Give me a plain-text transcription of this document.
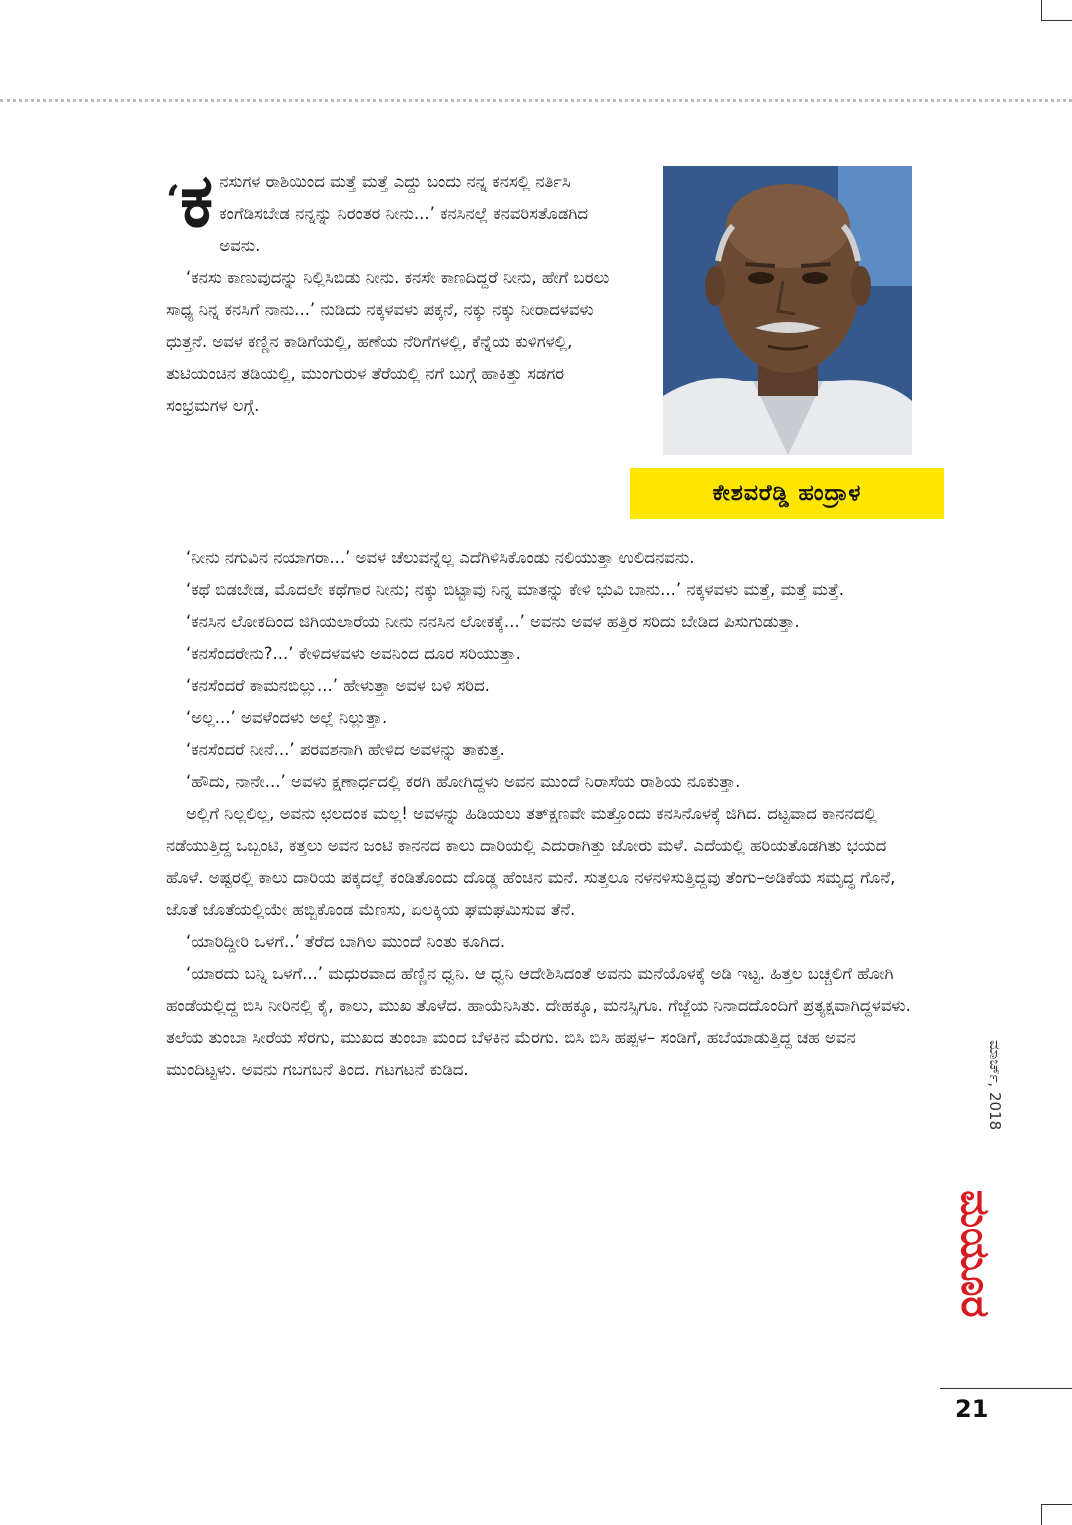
ಕೇಶವರೆಡ್ಡಿ ಹಂದ್ರಾಳ

‘ಕ ನಸುಗಳ ರಾಶಿಯಿಂದ ಮತ್ತೆ ಮತ್ತೆ ಎದ್ದು ಬಂದು ನನ್ನ ಕನಸಲ್ಲಿ ನರ್ತಿಸಿ ಕಂಗೆಡಿಸಬೇಡ ನನ್ನನ್ನು ನಿರಂತರ ನೀನು...’ ಕನಸಿನಲ್ಲೆ ಕನವರಿಸತೊಡಗಿದ ಅವನು.

‘ಕನಸು ಕಾಣುವುದನ್ನು ನಿಲ್ಲಿಸಿಬಿಡು ನೀನು. ಕನಸೇ ಕಾಣದಿದ್ದರೆ ನೀನು, ಹೇಗೆ ಬರಲು ಸಾಧ್ಯ ನಿನ್ನ ಕನಸಿಗೆ ನಾನು...’ ನುಡಿದು ನಕ್ಕಳವಳು ಪಕ್ಕನೆ, ನಕ್ಕು ನಕ್ಕು ನೀರಾದಳವಳು ಧುತ್ತನೆ. ಅವಳ ಕಣ್ಣಿನ ಕಾಡಿಗೆಯಲ್ಲಿ, ಹಣೆಯ ನೆರಿಗೆಗಳಲ್ಲಿ, ಕೆನ್ನೆಯ ಕುಳಿಗಳಲ್ಲಿ, ತುಟಿಯಂಚಿನ ತಡಿಯಲ್ಲಿ, ಮುಂಗುರುಳ ತೆರೆಯಲ್ಲಿ ನಗೆ ಬುಗ್ಗೆ ಹಾಕಿತ್ತು ಸಡಗರ ಸಂಭ್ರಮಗಳ ಲಗ್ಗೆ.

‘ನೀನು ನಗುವಿನ ನಯಾಗರಾ...’ ಅವಳ ಚೆಲುವನ್ನೆಲ್ಲ ಎದೆಗಿಳಿಸಿಕೊಂಡು ನಲಿಯುತ್ತಾ ಉಲಿದನವನು.

‘ಕಥೆ ಬಿಡಬೇಡ, ಮೊದಲೇ ಕಥೆಗಾರ ನೀನು; ನಕ್ಕು ಬಿಟ್ಟಾವು ನಿನ್ನ ಮಾತನ್ನು ಕೇಳಿ ಭುವಿ ಬಾನು...’ ನಕ್ಕಳವಳು ಮತ್ತೆ, ಮತ್ತೆ ಮತ್ತೆ.

‘ಕನಸಿನ ಲೋಕದಿಂದ ಜಿಗಿಯಲಾರೆಯ ನೀನು ನನಸಿನ ಲೋಕಕ್ಕೆ...’ ಅವನು ಅವಳ ಹತ್ತಿರ ಸರಿದು ಬೇಡಿದ ಪಿಸುಗುಡುತ್ತಾ.

‘ಕನಸೆಂದರೇನು?...’ ಕೇಳಿದಳವಳು ಅವನಿಂದ ದೂರ ಸರಿಯುತ್ತಾ.

‘ಕನಸೆಂದರೆ ಕಾಮನಬಿಲ್ಲು...’ ಹೇಳುತ್ತಾ ಅವಳ ಬಳಿ ಸರಿದ.

‘ಅಲ್ಲ...’ ಅವಳೆಂದಳು ಅಲ್ಲೆ ನಿಲ್ಲುತ್ತಾ.

‘ಕನಸೆಂದರೆ ನೀನೆ...’ ಪರವಶನಾಗಿ ಹೇಳಿದ ಅವಳನ್ನು ತಾಕುತ್ತ.

‘ಹೌದು, ನಾನೇ...’ ಅವಳು ಕ್ಷಣಾರ್ಧದಲ್ಲಿ ಕರಗಿ ಹೋಗಿದ್ದಳು ಅವನ ಮುಂದೆ ನಿರಾಸೆಯ ರಾಶಿಯ ನೂಕುತ್ತಾ.

ಅಲ್ಲಿಗೆ ನಿಲ್ಲಲಿಲ್ಲ, ಅವನು ಛಲದಂಕ ಮಲ್ಲ! ಅವಳನ್ನು ಹಿಡಿಯಲು ತತ್‌ಕ್ಷಣವೇ ಮತ್ತೊಂದು ಕನಸಿನೊಳಕ್ಕೆ ಜಿಗಿದ. ದಟ್ಟವಾದ ಕಾನನದಲ್ಲಿ ನಡೆಯುತ್ತಿದ್ದ ಒಬ್ಬಂಟಿ, ಕತ್ತಲು ಅವನ ಜಂಟಿ ಕಾನನದ ಕಾಲು ದಾರಿಯಲ್ಲಿ ಎದುರಾಗಿತ್ತು ಜೋರು ಮಳೆ. ಎದೆಯಲ್ಲಿ ಹರಿಯತೊಡಗಿತು ಭಯದ ಹೊಳೆ. ಅಷ್ಟರಲ್ಲಿ ಕಾಲು ದಾರಿಯ ಪಕ್ಕದಲ್ಲೆ ಕಂಡಿತೊಂದು ದೊಡ್ಡ ಹೆಂಚಿನ ಮನೆ. ಸುತ್ತಲೂ ನಳನಳಿಸುತ್ತಿದ್ದವು ತೆಂಗು–ಅಡಿಕೆಯ ಸಮೃದ್ಧ ಗೊನೆ, ಜೊತೆ ಜೊತೆಯಲ್ಲಿಯೇ ಹಬ್ಬಿಕೊಂಡ ಮೆಣಸು, ಏಲಕ್ಕಿಯ ಘಮಘಮಿಸುವ ತೆನೆ.

‘ಯಾರಿದ್ದೀರಿ ಒಳಗೆ..’ ತೆರೆದ ಬಾಗಿಲ ಮುಂದೆ ನಿಂತು ಕೂಗಿದ.

‘ಯಾರದು ಬನ್ನಿ ಒಳಗೆ...’ ಮಧುರವಾದ ಹೆಣ್ಣಿನ ಧ್ವನಿ. ಆ ಧ್ವನಿ ಆದೇಶಿಸಿದಂತೆ ಅವನು ಮನೆಯೊಳಕ್ಕೆ ಅಡಿ ಇಟ್ಟ. ಹಿತ್ತಲ ಬಚ್ಚಲಿಗೆ ಹೋಗಿ ಹಂಡೆಯಲ್ಲಿದ್ದ ಬಿಸಿ ನೀರಿನಲ್ಲಿ ಕೈ, ಕಾಲು, ಮುಖ ತೊಳೆದ. ಹಾಯೆನಿಸಿತು. ದೇಹಕ್ಕೂ, ಮನಸ್ಸಿಗೂ. ಗೆಜ್ಜೆಯ ನಿನಾದದೊಂದಿಗೆ ಪ್ರತ್ಯಕ್ಷವಾಗಿದ್ದಳವಳು. ತಲೆಯ ತುಂಬಾ ಸೀರೆಯ ಸೆರಗು, ಮುಖದ ತುಂಬಾ ಮಂದ ಬೆಳಕಿನ ಮೆರಗು. ಬಿಸಿ ಬಿಸಿ ಹಪ್ಪಳ– ಸಂಡಿಗೆ, ಹಬೆಯಾಡುತ್ತಿದ್ದ ಚಹ ಅವನ ಮುಂದಿಟ್ಟಳು. ಅವನು ಗಬಗಬನೆ ತಿಂದ. ಗಟಗಟನೆ ಕುಡಿದ.	ಮಾರ್ಚ್, 2018
ಮಯೂರ
21
